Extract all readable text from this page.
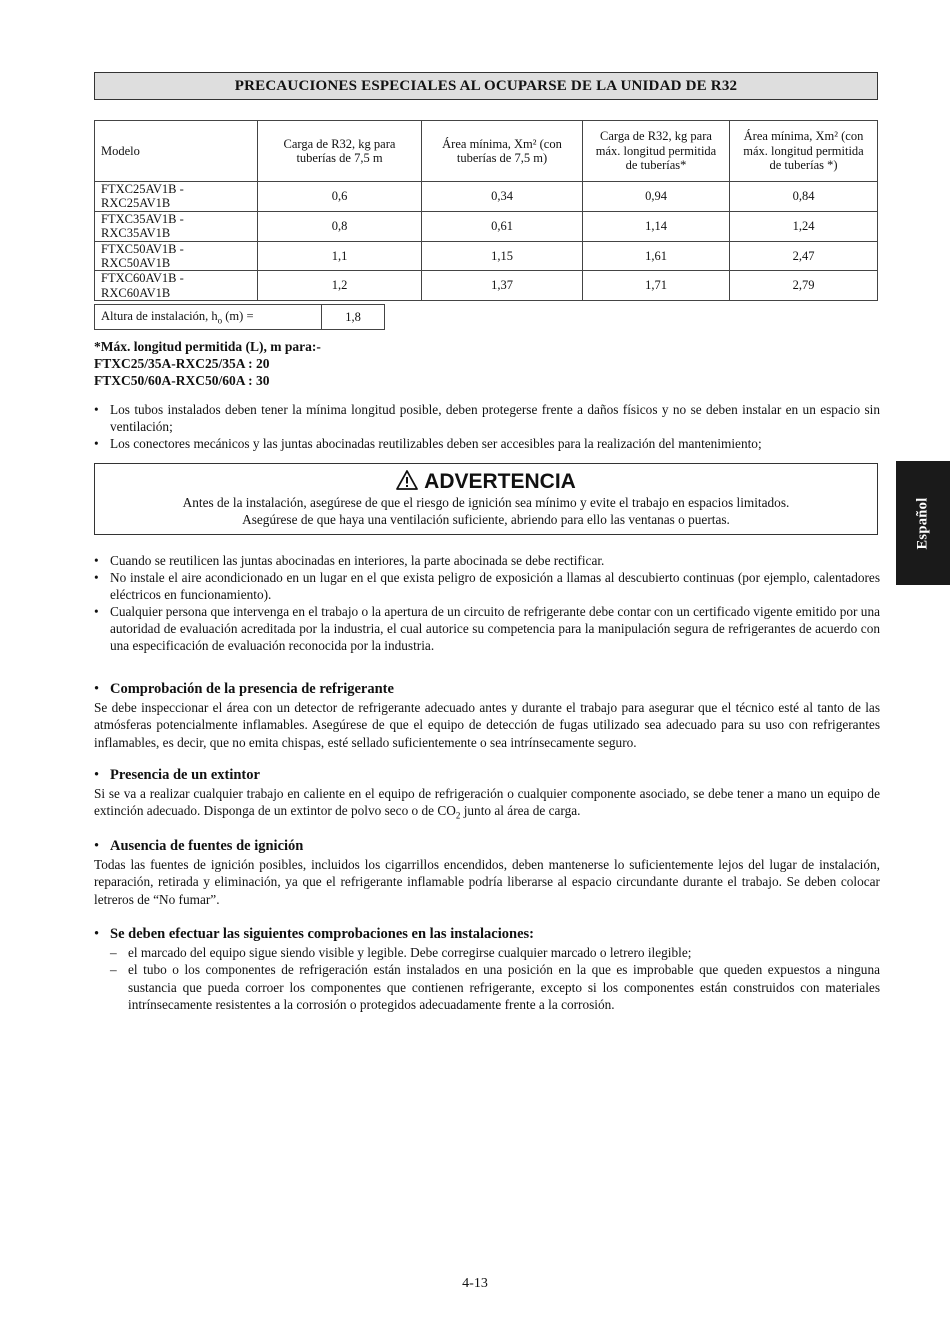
PRECAUCIONES ESPECIALES AL OCUPARSE DE LA UNIDAD DE R32
Modelo	Carga de R32, kg para tuberías de 7,5 m	Área mínima, Xm² (con tuberías de 7,5 m)	Carga de R32, kg para máx. longitud permitida de tuberías*	Área mínima, Xm² (con máx. longitud permitida de tuberías *)
FTXC25AV1B - RXC25AV1B	0,6	0,34	0,94	0,84
FTXC35AV1B - RXC35AV1B	0,8	0,61	1,14	1,24
FTXC50AV1B - RXC50AV1B	1,1	1,15	1,61	2,47
FTXC60AV1B - RXC60AV1B	1,2	1,37	1,71	2,79
Altura de instalación, $h_o$ (m) =	1,8
*Máx. longitud permitida (L), m para:-
FTXC25/35A-RXC25/35A : 20
FTXC50/60A-RXC50/60A : 30
• Los tubos instalados deben tener la mínima longitud posible, deben protegerse frente a daños físicos y no se deben instalar en un espacio sin ventilación;
• Los conectores mecánicos y las juntas abocinadas reutilizables deben ser accesibles para la realización del mantenimiento;
ADVERTENCIA
Antes de la instalación, asegúrese de que el riesgo de ignición sea mínimo y evite el trabajo en espacios limitados.
Asegúrese de que haya una ventilación suficiente, abriendo para ello las ventanas o puertas.
• Cuando se reutilicen las juntas abocinadas en interiores, la parte abocinada se debe rectificar.
• No instale el aire acondicionado en un lugar en el que exista peligro de exposición a llamas al descubierto continuas (por ejemplo, calentadores eléctricos en funcionamiento).
• Cualquier persona que intervenga en el trabajo o la apertura de un circuito de refrigerante debe contar con un certificado vigente emitido por una autoridad de evaluación acreditada por la industria, el cual autorice su competencia para la manipulación segura de refrigerantes de acuerdo con una especificación de evaluación reconocida por la industria.
• Comprobación de la presencia de refrigerante
Se debe inspeccionar el área con un detector de refrigerante adecuado antes y durante el trabajo para asegurar que el técnico esté al tanto de las atmósferas potencialmente inflamables. Asegúrese de que el equipo de detección de fugas utilizado sea adecuado para su uso con refrigerantes inflamables, es decir, que no emita chispas, esté sellado suficientemente o sea intrínsecamente seguro.
• Presencia de un extintor
Si se va a realizar cualquier trabajo en caliente en el equipo de refrigeración o cualquier componente asociado, se debe tener a mano un equipo de extinción adecuado. Disponga de un extintor de polvo seco o de $CO_2$ junto al área de carga.
• Ausencia de fuentes de ignición
Todas las fuentes de ignición posibles, incluidos los cigarrillos encendidos, deben mantenerse lo suficientemente lejos del lugar de instalación, reparación, retirada y eliminación, ya que el refrigerante inflamable podría liberarse al espacio circundante durante el trabajo. Se deben colocar letreros de “No fumar”.
• Se deben efectuar las siguientes comprobaciones en las instalaciones:
– el marcado del equipo sigue siendo visible y legible. Debe corregirse cualquier marcado o letrero ilegible;
– el tubo o los componentes de refrigeración están instalados en una posición en la que es improbable que queden expuestos a ninguna sustancia que pueda corroer los componentes que contienen refrigerante, excepto si los componentes están construidos con materiales intrínsecamente resistentes a la corrosión o protegidos adecuadamente frente a la corrosión.
Español
4-13
